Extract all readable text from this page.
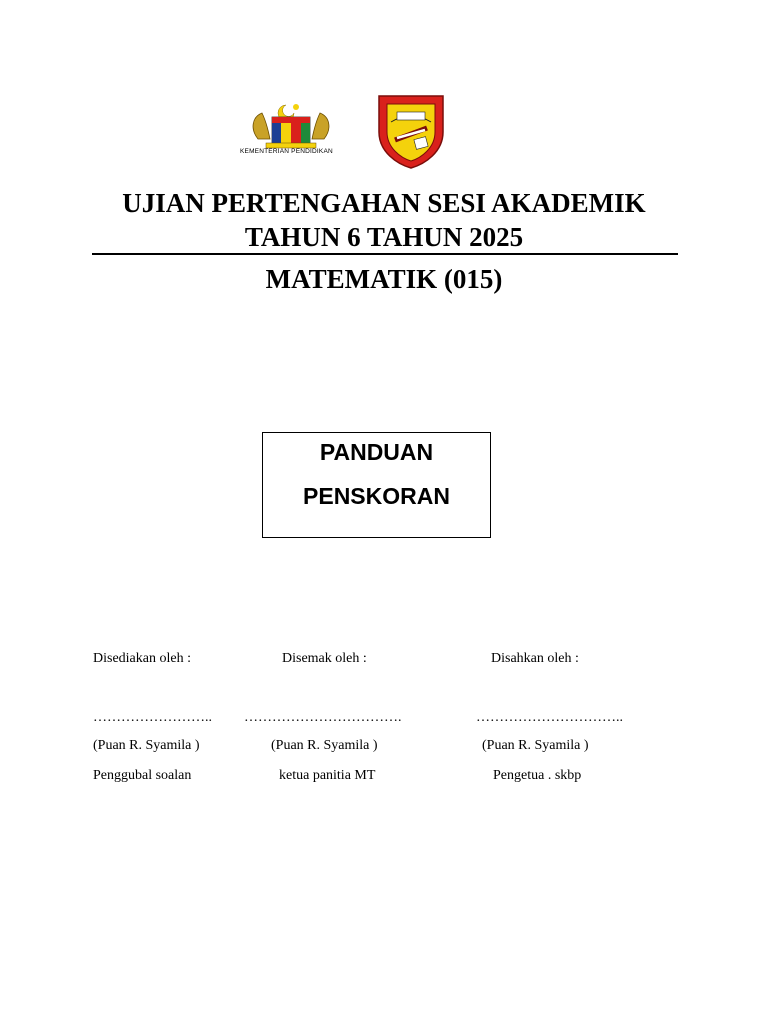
KEMENTERIAN PENDIDIKAN
UJIAN PERTENGAHAN SESI AKADEMIK
TAHUN 6 TAHUN 2025
MATEMATIK (015)
PANDUAN
PENSKORAN
Disediakan oleh :
……………………..
(Puan R. Syamila )
Penggubal soalan
Disemak oleh :
…………………………….
(Puan R. Syamila )
ketua panitia MT
Disahkan oleh :
…………………………..
(Puan R. Syamila )
Pengetua . skbp
